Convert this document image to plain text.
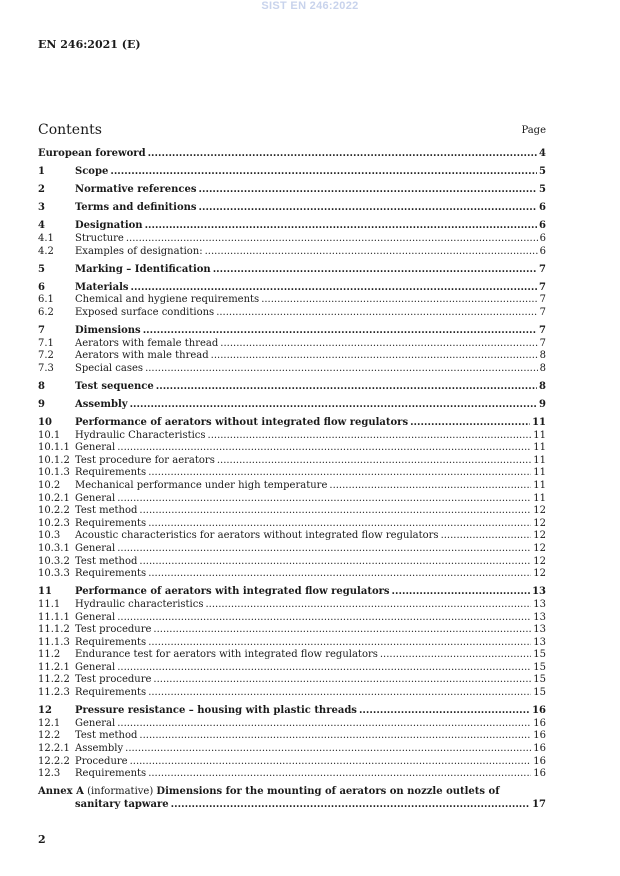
SIST EN 246:2022
EN 246:2021 (E)
Contents	Page
European foreword .....	4
1	Scope .....	5
2	Normative references .....	5
3	Terms and definitions .....	6
4	Designation .....	6
4.1	Structure .....	6
4.2	Examples of designation: .....	6
5	Marking – Identification .....	7
6	Materials .....	7
6.1	Chemical and hygiene requirements .....	7
6.2	Exposed surface conditions .....	7
7	Dimensions .....	7
7.1	Aerators with female thread .....	7
7.2	Aerators with male thread .....	8
7.3	Special cases .....	8
8	Test sequence .....	8
9	Assembly .....	9
10	Performance of aerators without integrated flow regulators .....	11
10.1	Hydraulic Characteristics .....	11
10.1.1 General .....	11
10.1.2 Test procedure for aerators .....	11
10.1.3 Requirements .....	11
10.2	Mechanical performance under high temperature .....	11
10.2.1 General .....	11
10.2.2 Test method .....	12
10.2.3 Requirements .....	12
10.3	Acoustic characteristics for aerators without integrated flow regulators .....	12
10.3.1 General .....	12
10.3.2 Test method .....	12
10.3.3 Requirements .....	12
11	Performance of aerators with integrated flow regulators .....	13
11.1	Hydraulic characteristics .....	13
11.1.1 General .....	13
11.1.2 Test procedure .....	13
11.1.3 Requirements .....	13
11.2	Endurance test for aerators with integrated flow regulators .....	15
11.2.1 General .....	15
11.2.2 Test procedure .....	15
11.2.3 Requirements .....	15
12	Pressure resistance – housing with plastic threads .....	16
12.1	General .....	16
12.2	Test method .....	16
12.2.1 Assembly .....	16
12.2.2 Procedure .....	16
12.3	Requirements .....	16
Annex A (informative) Dimensions for the mounting of aerators on nozzle outlets of
sanitary tapware .....	17
2
